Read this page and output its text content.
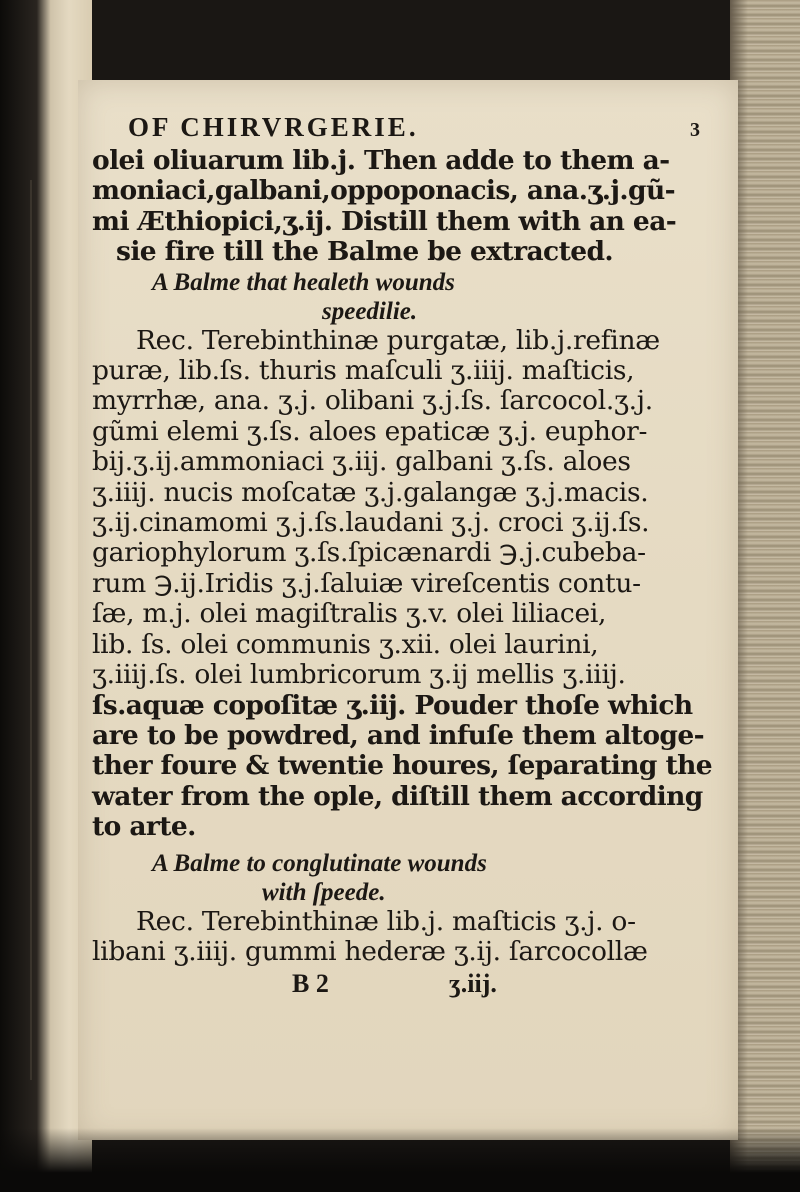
OF CHIRVRGERIE.	3
olei oliuarum lib.j. Then adde to them a-
moniaci,galbani,oppoponacis, ana.ʒ.j.gũ-
mi Æthiopici,ʒ.ij. Distill them with an ea-
sie fire till the Balme be extracted.
A Balme that healeth wounds
speedilie.
Rec. Terebinthinæ purgatæ, lib.j.refinæ
puræ, lib.ſs. thuris maſculi ʒ.iiij. maſticis,
myrrhæ, ana. ʒ.j. olibani ʒ.j.ſs. ſarcocol.ʒ.j.
gũmi elemi ʒ.ſs. aloes epaticæ ʒ.j. euphor-
bij.ʒ.ij.ammoniaci ʒ.iij. galbani ʒ.ſs. aloes
ʒ.iiij. nucis moſcatæ ʒ.j.galangæ ʒ.j.macis.
ʒ.ij.cinamomi ʒ.j.ſs.laudani ʒ.j. croci ʒ.ij.ſs.
gariophylorum ʒ.ſs.ſpicænardi ℈.j.cubeba-
rum ℈.ij.Iridis ʒ.j.ſaluiæ vireſcentis contu-
ſæ, m.j. olei magiſtralis ʒ.v. olei liliacei,
lib. ſs. olei communis ʒ.xii. olei laurini,
ʒ.iiij.ſs. olei lumbricorum ʒ.ij mellis ʒ.iiij.
ſs.aquæ copoſitæ ʒ.iij. Pouder thoſe which
are to be powdred, and infuſe them altoge-
ther foure & twentie houres, ſeparating the
water from the ople, diſtill them according
to arte.
A Balme to conglutinate wounds
with ſpeede.
Rec. Terebinthinæ lib.j. maſticis ʒ.j. o-
libani ʒ.iiij. gummi hederæ ʒ.ij. ſarcocollæ
B 2	ʒ.iij.
